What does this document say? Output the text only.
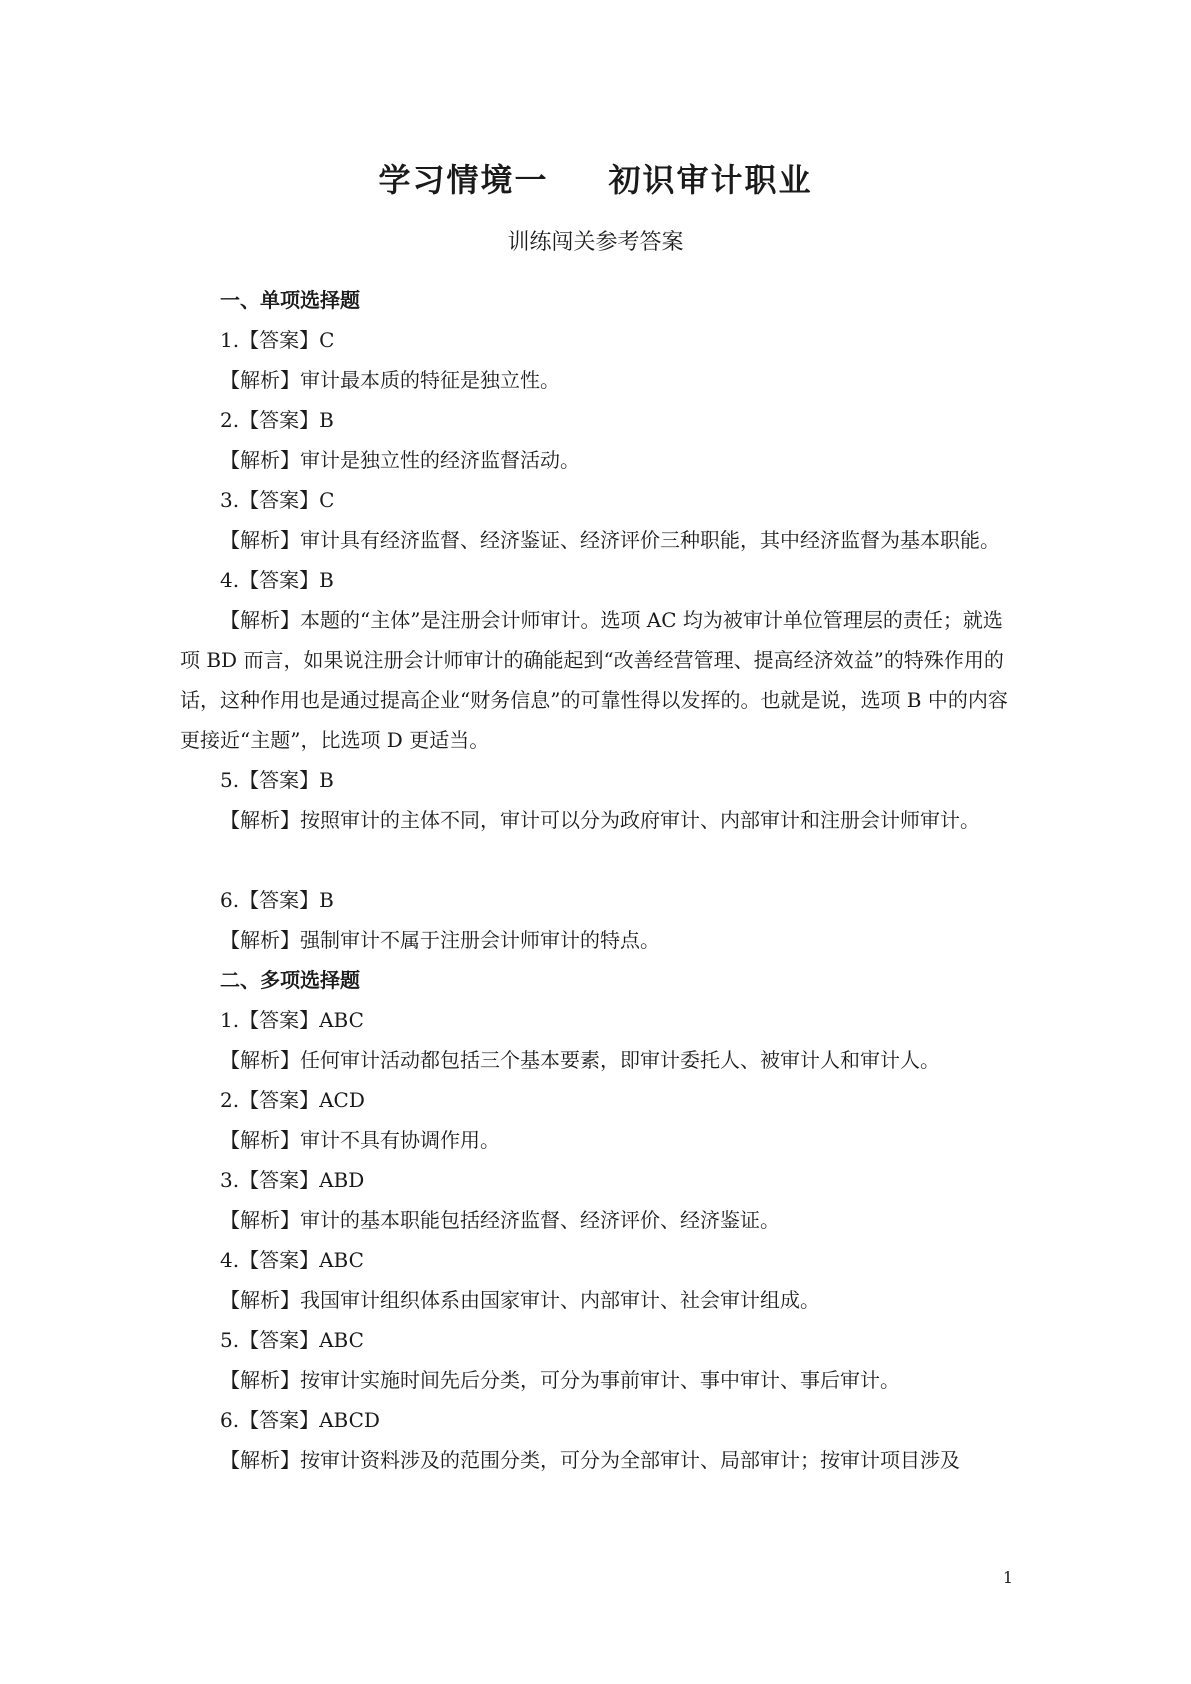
学习情境一 初识审计职业
训练闯关参考答案
一、单项选择题
1.【答案】C
【解析】审计最本质的特征是独立性。
2.【答案】B
【解析】审计是独立性的经济监督活动。
3.【答案】C
【解析】审计具有经济监督、经济鉴证、经济评价三种职能，其中经济监督为基本职能。
4.【答案】B
【解析】本题的“主体”是注册会计师审计。选项 AC 均为被审计单位管理层的责任；就选项 BD 而言，如果说注册会计师审计的确能起到“改善经营管理、提高经济效益”的特殊作用的话，这种作用也是通过提高企业“财务信息”的可靠性得以发挥的。也就是说，选项 B 中的内容更接近“主题”，比选项 D 更适当。
5.【答案】B
【解析】按照审计的主体不同，审计可以分为政府审计、内部审计和注册会计师审计。
6.【答案】B
【解析】强制审计不属于注册会计师审计的特点。
二、多项选择题
1.【答案】ABC
【解析】任何审计活动都包括三个基本要素，即审计委托人、被审计人和审计人。
2.【答案】ACD
【解析】审计不具有协调作用。
3.【答案】ABD
【解析】审计的基本职能包括经济监督、经济评价、经济鉴证。
4.【答案】ABC
【解析】我国审计组织体系由国家审计、内部审计、社会审计组成。
5.【答案】ABC
【解析】按审计实施时间先后分类，可分为事前审计、事中审计、事后审计。
6.【答案】ABCD
【解析】按审计资料涉及的范围分类，可分为全部审计、局部审计；按审计项目涉及
1
